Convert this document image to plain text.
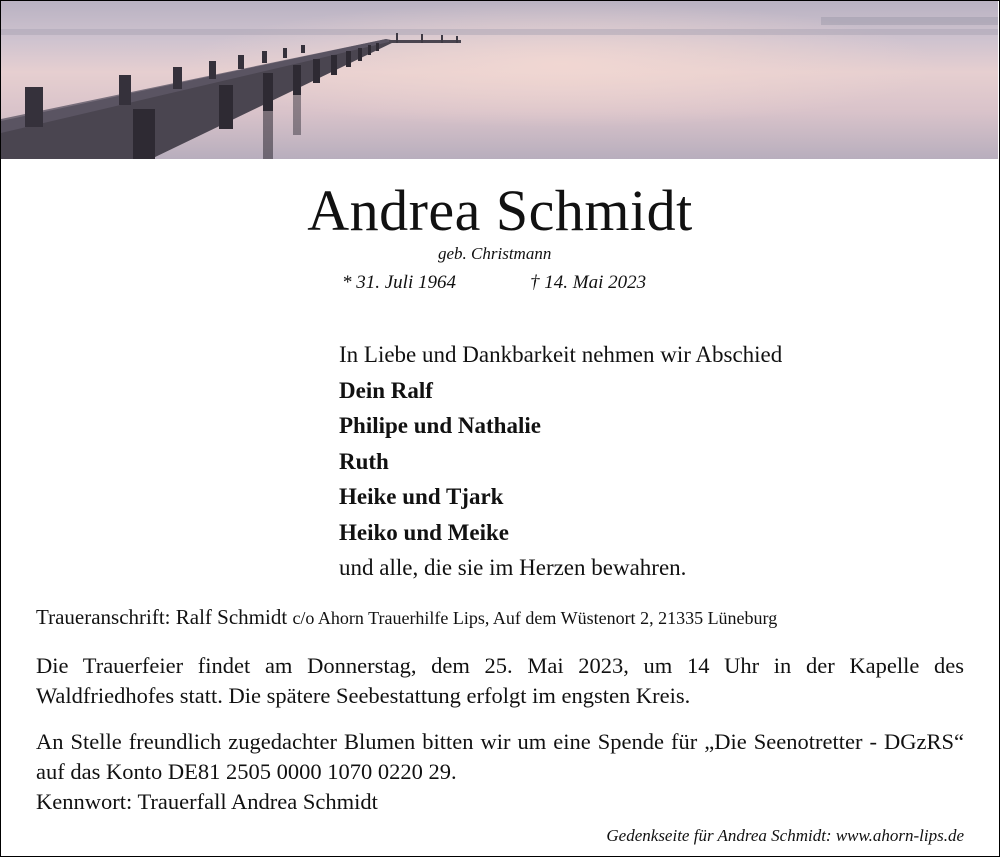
Andrea Schmidt
geb. Christmann
* 31. Juli 1964	† 14. Mai 2023
In Liebe und Dankbarkeit nehmen wir Abschied
Dein Ralf
Philipe und Nathalie
Ruth
Heike und Tjark
Heiko und Meike
und alle, die sie im Herzen bewahren.
Traueranschrift: Ralf Schmidt c/o Ahorn Trauerhilfe Lips, Auf dem Wüstenort 2, 21335 Lüneburg
Die Trauerfeier findet am Donnerstag, dem 25. Mai 2023, um 14 Uhr in der Kapelle des Waldfriedhofes statt. Die spätere Seebestattung erfolgt im engsten Kreis.
An Stelle freundlich zugedachter Blumen bitten wir um eine Spende für „Die Seenotretter - DGzRS“ auf das Konto DE81 2505 0000 1070 0220 29.
Kennwort: Trauerfall Andrea Schmidt
Gedenkseite für Andrea Schmidt: www.ahorn-lips.de
